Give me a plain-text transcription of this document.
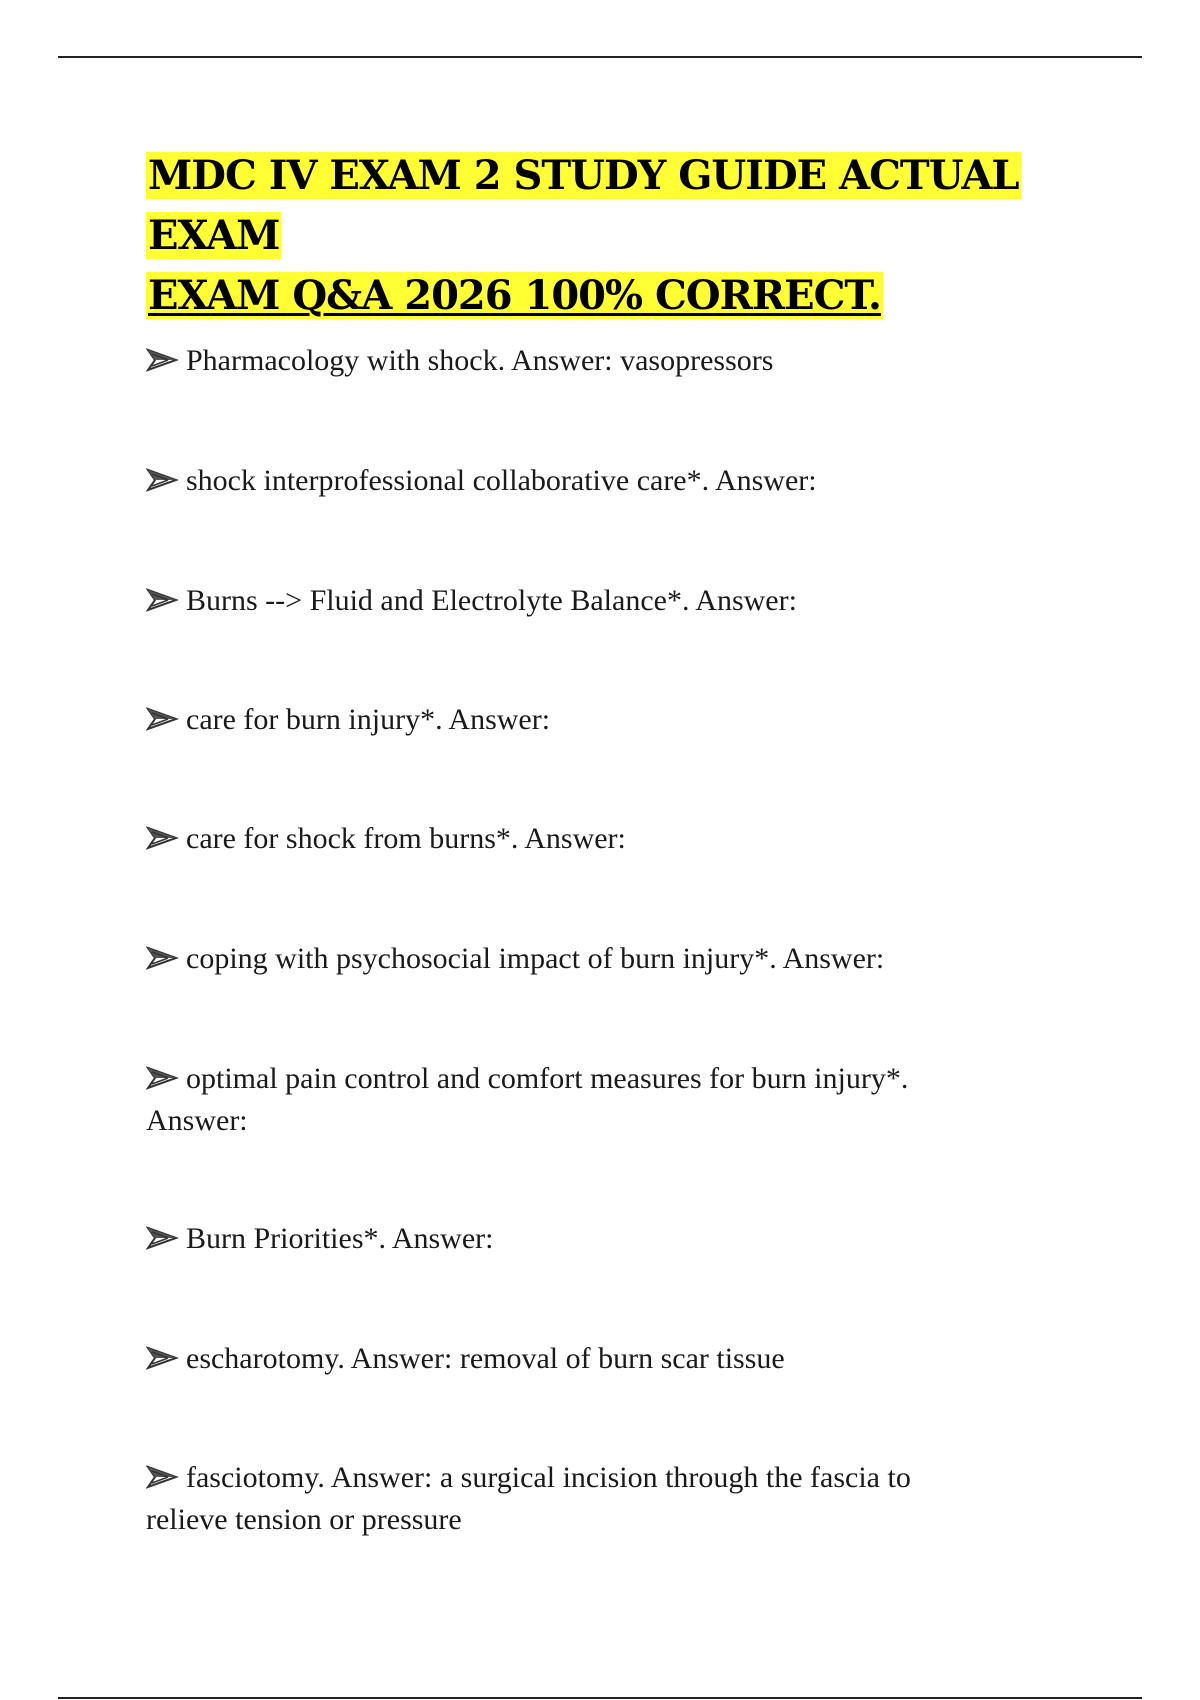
MDC IV EXAM 2 STUDY GUIDE ACTUAL EXAM
EXAM Q&A 2026 100% CORRECT.

Pharmacology with shock. Answer: vasopressors

shock interprofessional collaborative care*. Answer:

Burns --> Fluid and Electrolyte Balance*. Answer:

care for burn injury*. Answer:

care for shock from burns*. Answer:

coping with psychosocial impact of burn injury*. Answer:

optimal pain control and comfort measures for burn injury*. Answer:

Burn Priorities*. Answer:

escharotomy. Answer: removal of burn scar tissue

fasciotomy. Answer: a surgical incision through the fascia to relieve tension or pressure
